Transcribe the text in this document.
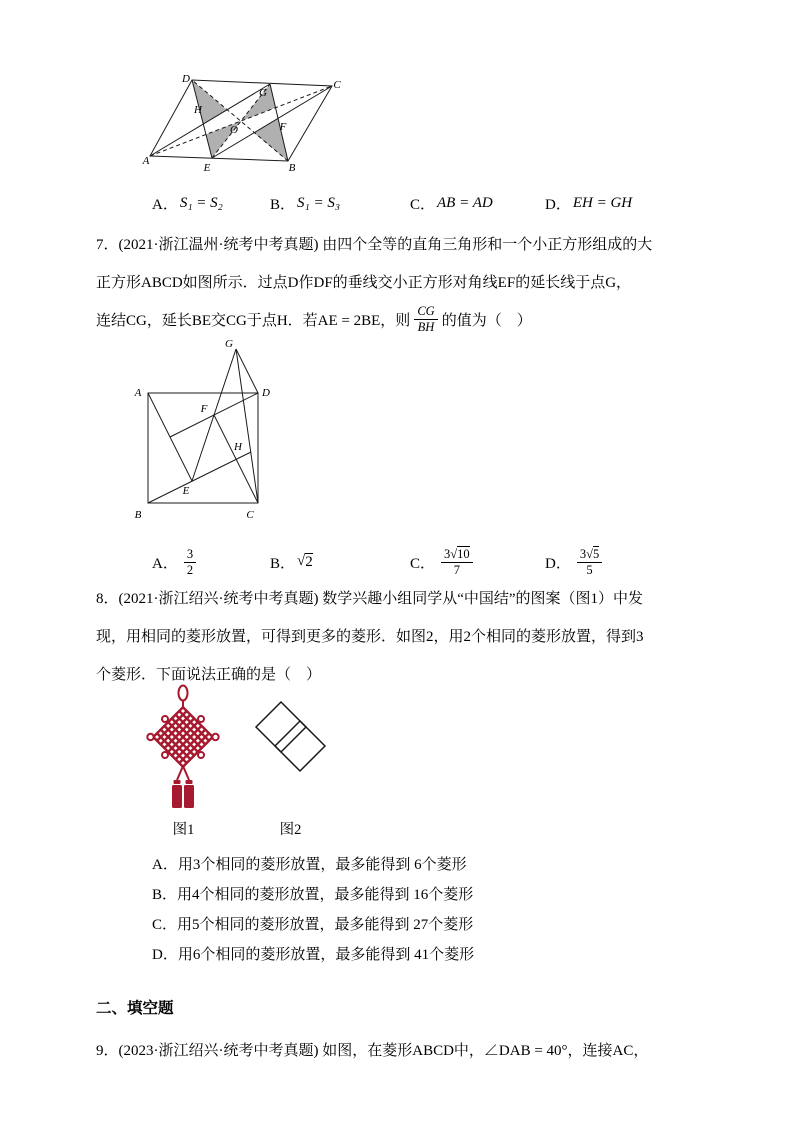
D	C
A
B
E
G
H
O	F
A． S₁ = S₂	B． S₁ = S₃	C． AB = AD	D． EH = GH
7．(2021·浙江温州·统考中考真题) 由四个全等的直角三角形和一个小正方形组成的大
正方形ABCD如图所示．过点D作DF的垂线交小正方形对角线EF的延长线于点G，
连结CG，延长BE交CG于点H．若AE = 2BE，则 $\frac{CG}{BH}$ 的值为（　）
G
A	D
B	C
F
H
E
A． $\frac{3}{2}$	B． √ 2	C． $\frac{3 √ 10}{7}$	D． $\frac{3 √ 5}{5}$
8．(2021·浙江绍兴·统考中考真题) 数学兴趣小组同学从“中国结”的图案（图1）中发
现，用相同的菱形放置，可得到更多的菱形．如图2，用2个相同的菱形放置，得到3
个菱形．下面说法正确的是（　）
图1	图2
A．用3个相同的菱形放置，最多能得到 6个菱形
B．用4个相同的菱形放置，最多能得到 16个菱形
C．用5个相同的菱形放置，最多能得到 27个菱形
D．用6个相同的菱形放置，最多能得到 41个菱形
二、填空题
9．(2023·浙江绍兴·统考中考真题) 如图，在菱形ABCD中，∠DAB = 40°，连接AC，
